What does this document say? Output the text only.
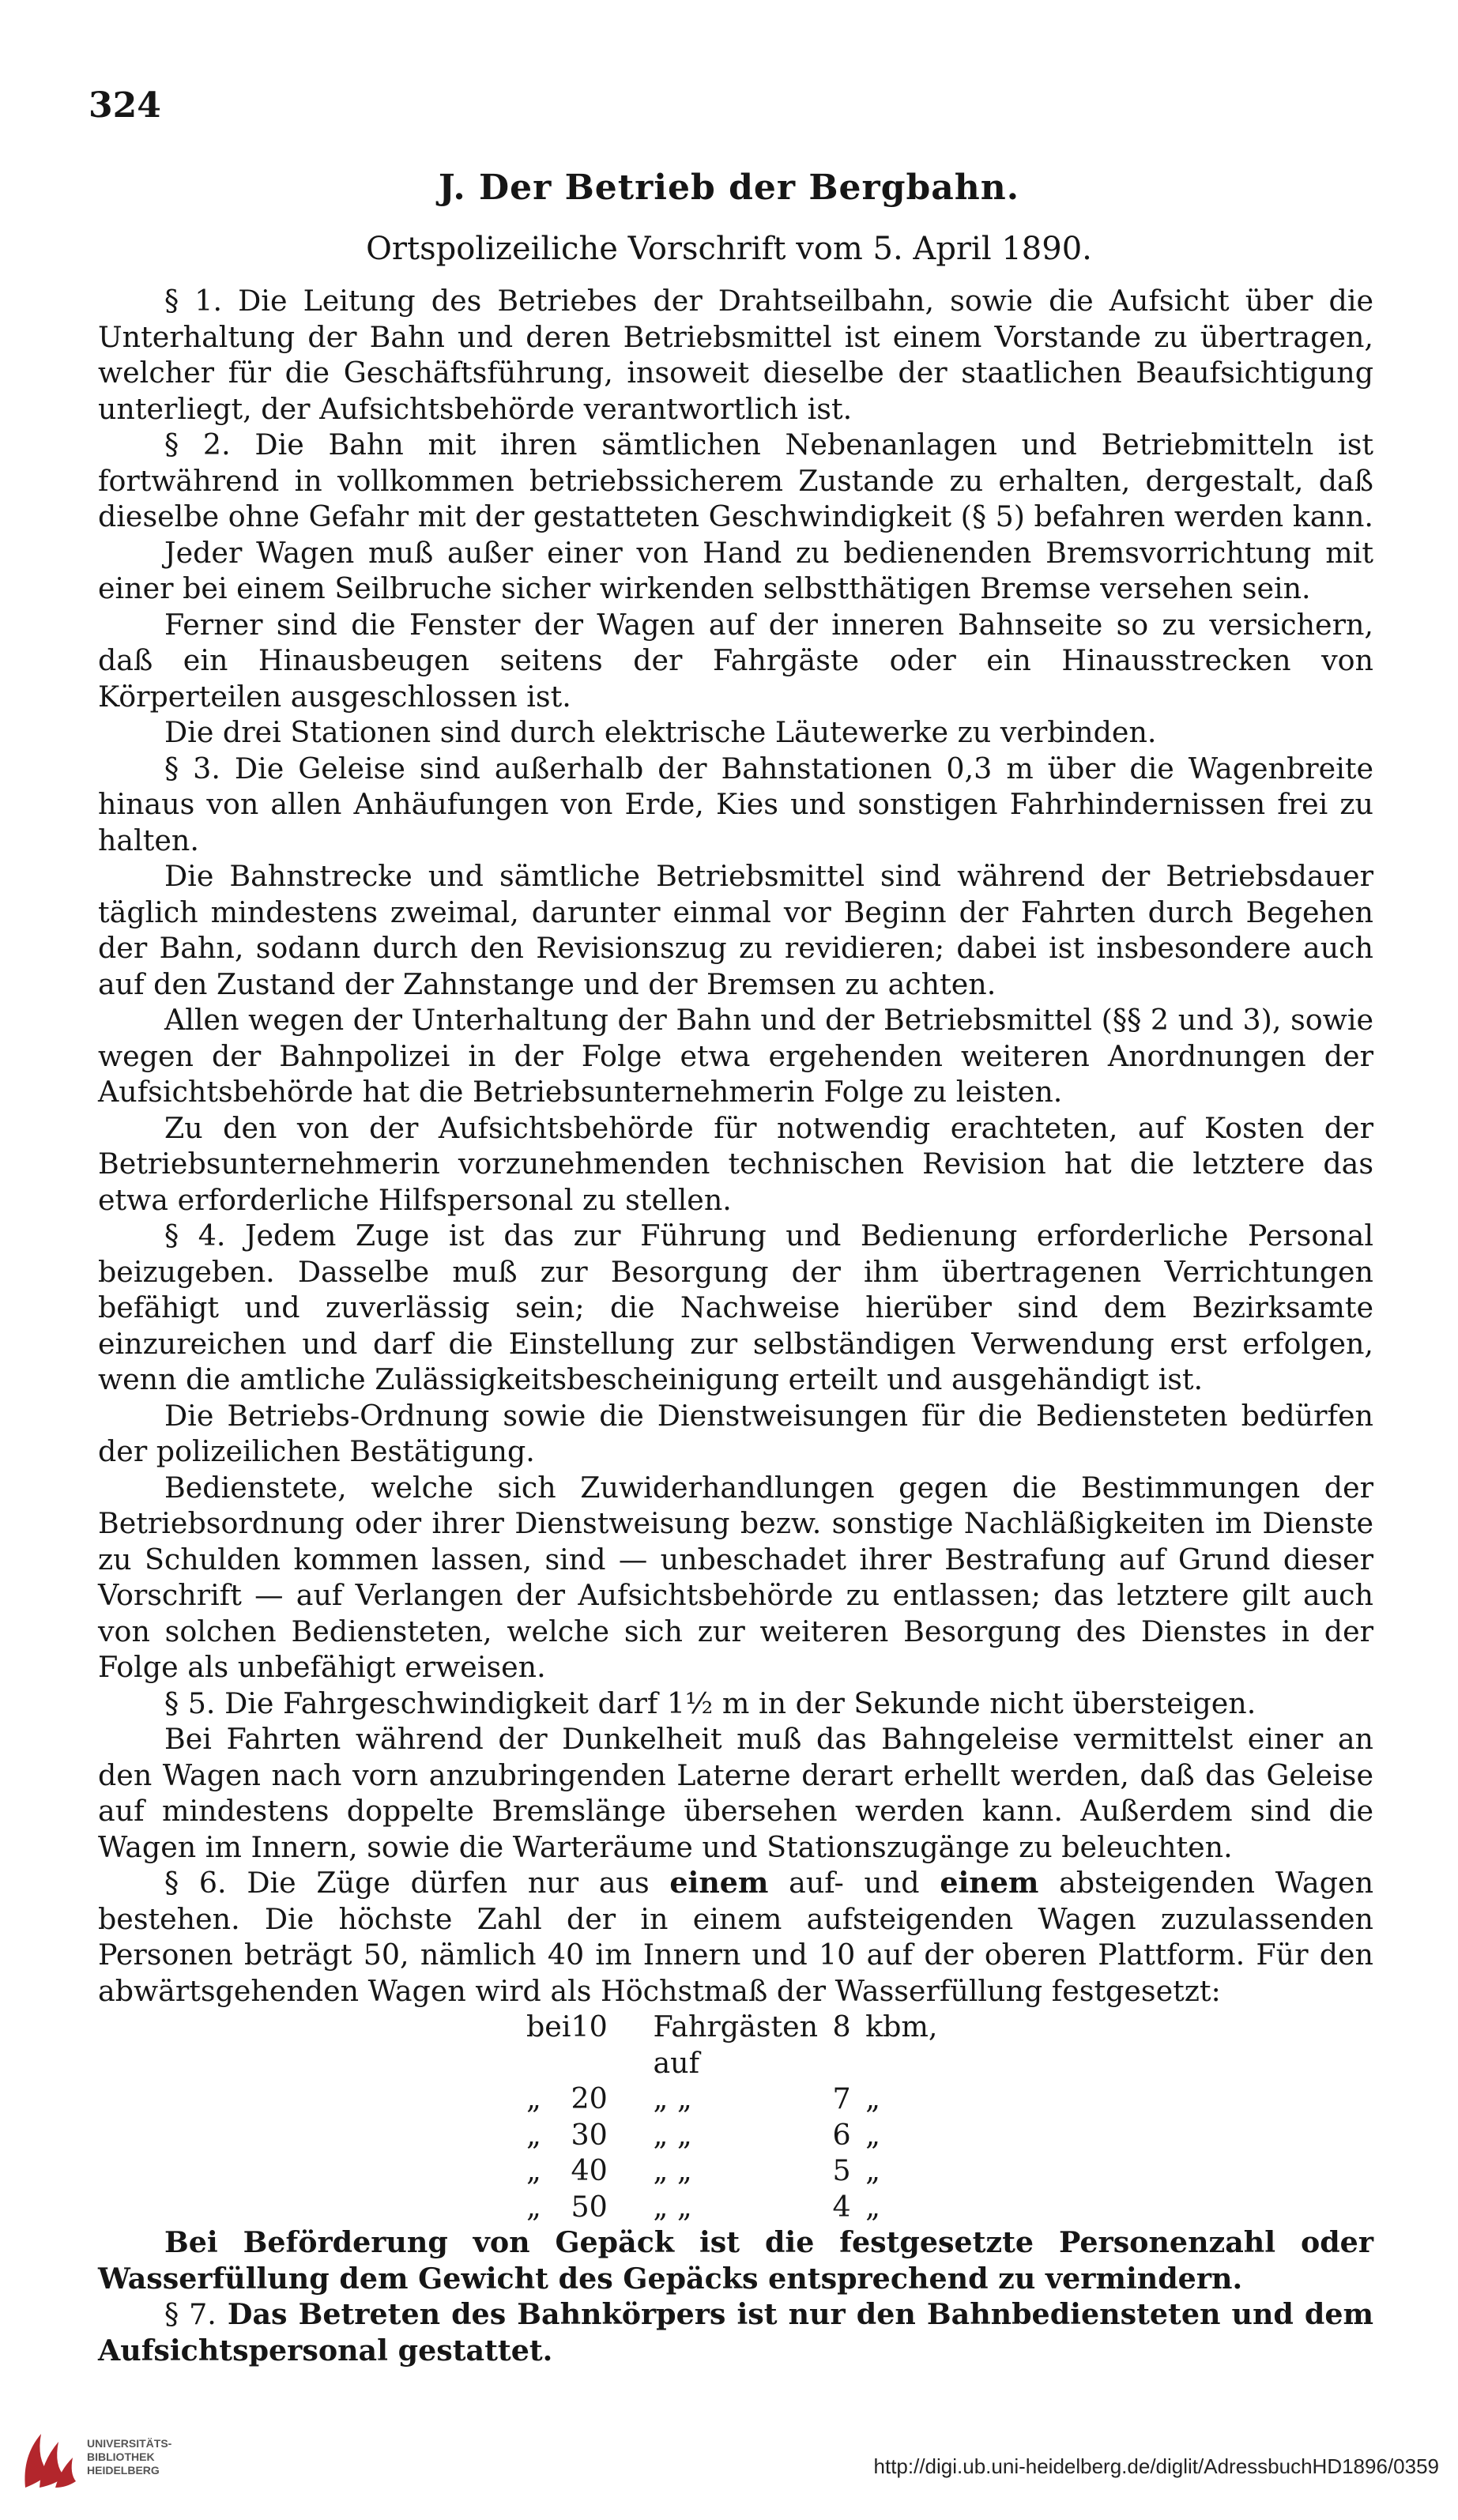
324
J. Der Betrieb der Bergbahn.
Ortspolizeiliche Vorschrift vom 5. April 1890.

§ 1. Die Leitung des Betriebes der Drahtseilbahn, sowie die Aufsicht über die Unterhaltung der Bahn und deren Betriebsmittel ist einem Vorstande zu übertragen, welcher für die Geschäftsführung, insoweit dieselbe der staatlichen Beaufsichtigung unterliegt, der Aufsichtsbehörde verantwortlich ist.

§ 2. Die Bahn mit ihren sämtlichen Nebenanlagen und Betriebmitteln ist fortwährend in vollkommen betriebssicherem Zustande zu erhalten, dergestalt, daß dieselbe ohne Gefahr mit der gestatteten Geschwindigkeit (§ 5) befahren werden kann.

Jeder Wagen muß außer einer von Hand zu bedienenden Bremsvorrichtung mit einer bei einem Seilbruche sicher wirkenden selbstthätigen Bremse versehen sein.

Ferner sind die Fenster der Wagen auf der inneren Bahnseite so zu versichern, daß ein Hinausbeugen seitens der Fahrgäste oder ein Hinausstrecken von Körperteilen ausgeschlossen ist.

Die drei Stationen sind durch elektrische Läutewerke zu verbinden.

§ 3. Die Geleise sind außerhalb der Bahnstationen 0,3 m über die Wagenbreite hinaus von allen Anhäufungen von Erde, Kies und sonstigen Fahrhindernissen frei zu halten.

Die Bahnstrecke und sämtliche Betriebsmittel sind während der Betriebsdauer täglich mindestens zweimal, darunter einmal vor Beginn der Fahrten durch Begehen der Bahn, sodann durch den Revisionszug zu revidieren; dabei ist insbesondere auch auf den Zustand der Zahnstange und der Bremsen zu achten.

Allen wegen der Unterhaltung der Bahn und der Betriebsmittel (§§ 2 und 3), sowie wegen der Bahnpolizei in der Folge etwa ergehenden weiteren Anordnungen der Aufsichtsbehörde hat die Betriebsunternehmerin Folge zu leisten.

Zu den von der Aufsichtsbehörde für notwendig erachteten, auf Kosten der Betriebsunternehmerin vorzunehmenden technischen Revision hat die letztere das etwa erforderliche Hilfspersonal zu stellen.

§ 4. Jedem Zuge ist das zur Führung und Bedienung erforderliche Personal beizugeben. Dasselbe muß zur Besorgung der ihm übertragenen Verrichtungen befähigt und zuverlässig sein; die Nachweise hierüber sind dem Bezirksamte einzureichen und darf die Einstellung zur selbständigen Verwendung erst erfolgen, wenn die amtliche Zulässigkeitsbescheinigung erteilt und ausgehändigt ist.

Die Betriebs-Ordnung sowie die Dienstweisungen für die Bediensteten bedürfen der polizeilichen Bestätigung.

Bedienstete, welche sich Zuwiderhandlungen gegen die Bestimmungen der Betriebsordnung oder ihrer Dienstweisung bezw. sonstige Nachläßigkeiten im Dienste zu Schulden kommen lassen, sind — unbeschadet ihrer Bestrafung auf Grund dieser Vorschrift — auf Verlangen der Aufsichtsbehörde zu entlassen; das letztere gilt auch von solchen Bediensteten, welche sich zur weiteren Besorgung des Dienstes in der Folge als unbefähigt erweisen.

§ 5. Die Fahrgeschwindigkeit darf 1½ m in der Sekunde nicht übersteigen.

Bei Fahrten während der Dunkelheit muß das Bahngeleise vermittelst einer an den Wagen nach vorn anzubringenden Laterne derart erhellt werden, daß das Geleise auf mindestens doppelte Bremslänge übersehen werden kann. Außerdem sind die Wagen im Innern, sowie die Warteräume und Stationszugänge zu beleuchten.

§ 6. Die Züge dürfen nur aus einem auf- und einem absteigenden Wagen bestehen. Die höchste Zahl der in einem aufsteigenden Wagen zuzulassenden Personen beträgt 50, nämlich 40 im Innern und 10 auf der oberen Plattform. Für den abwärtsgehenden Wagen wird als Höchstmaß der Wasserfüllung festgesetzt:

bei	10	Fahrgästen auf	8	kbm,
„	20	„ „	7	„
„	30	„ „	6	„
„	40	„ „	5	„
„	50	„ „	4	„

Bei Beförderung von Gepäck ist die festgesetzte Personenzahl oder Wasserfüllung dem Gewicht des Gepäcks entsprechend zu vermindern.

§ 7. Das Betreten des Bahnkörpers ist nur den Bahnbediensteten und dem Aufsichtspersonal gestattet.

UNIVERSITÄTS-
BIBLIOTHEK
HEIDELBERG	http://digi.ub.uni-heidelberg.de/diglit/AdressbuchHD1896/0359
